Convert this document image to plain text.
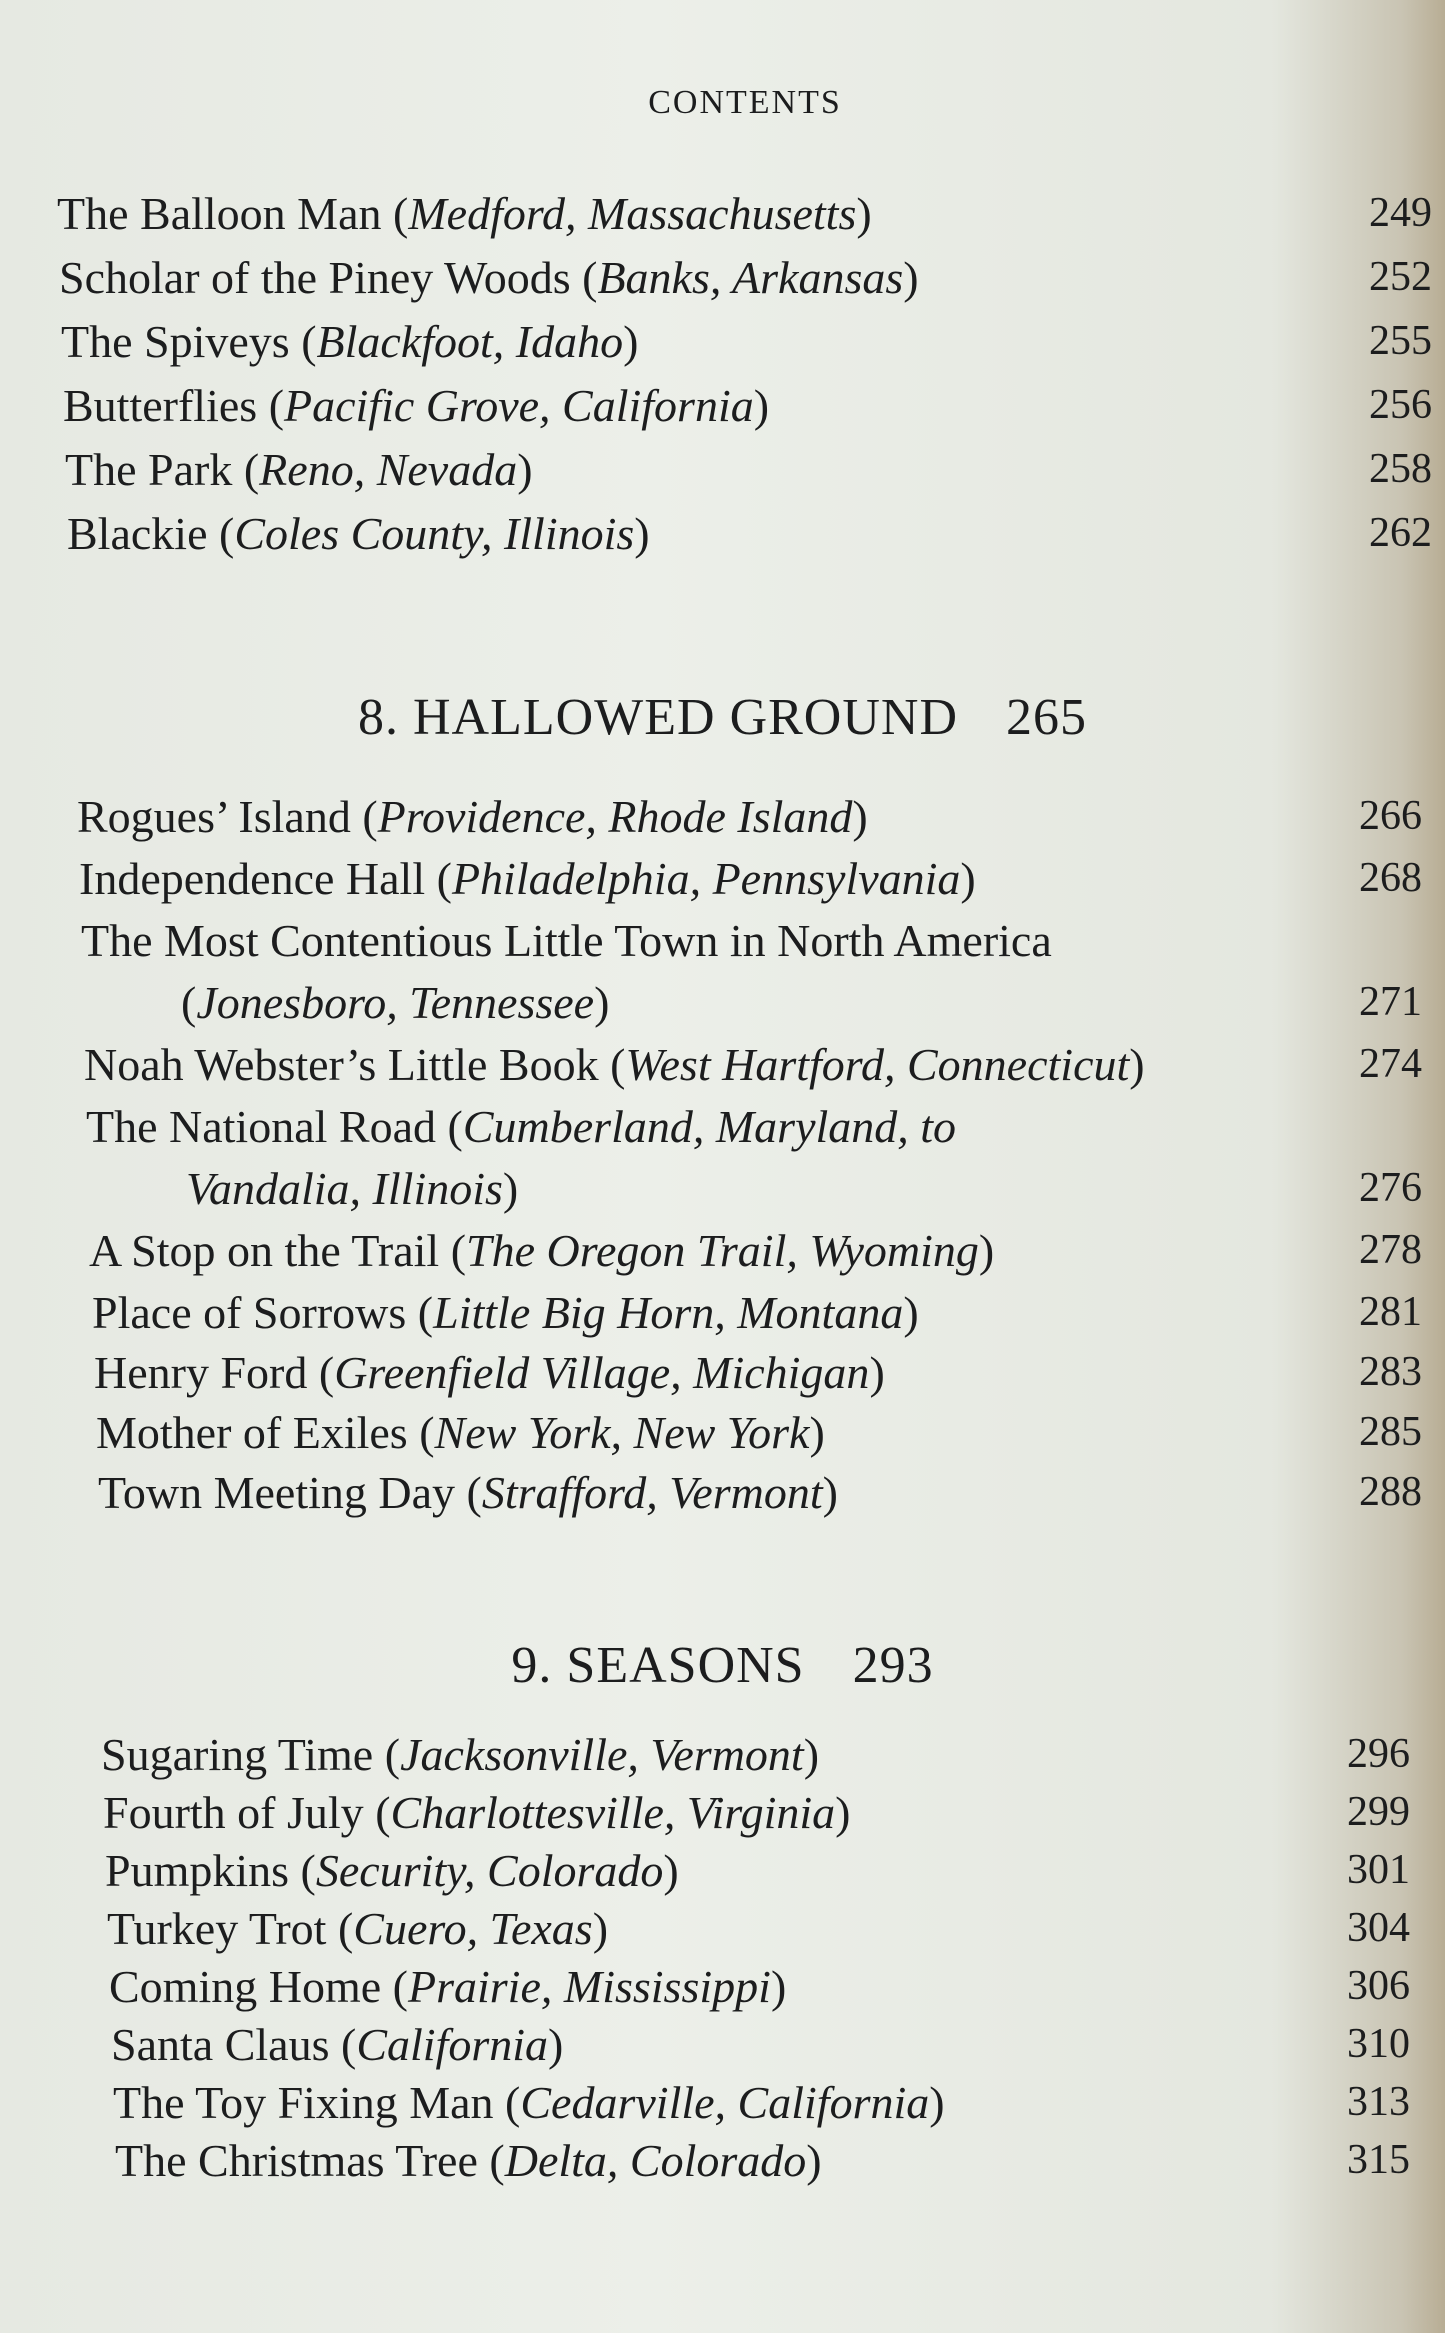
CONTENTS
The Balloon Man (Medford, Massachusetts)	249
Scholar of the Piney Woods (Banks, Arkansas)	252
The Spiveys (Blackfoot, Idaho)	255
Butterflies (Pacific Grove, California)	256
The Park (Reno, Nevada)	258
Blackie (Coles County, Illinois)	262
8. HALLOWED GROUND 265
Rogues’ Island (Providence, Rhode Island)	266
Independence Hall (Philadelphia, Pennsylvania)	268
The Most Contentious Little Town in North America
(Jonesboro, Tennessee)	271
Noah Webster’s Little Book (West Hartford, Connecticut)	274
The National Road (Cumberland, Maryland, to
Vandalia, Illinois)	276
A Stop on the Trail (The Oregon Trail, Wyoming)	278
Place of Sorrows (Little Big Horn, Montana)	281
Henry Ford (Greenfield Village, Michigan)	283
Mother of Exiles (New York, New York)	285
Town Meeting Day (Strafford, Vermont)	288
9. SEASONS 293
Sugaring Time (Jacksonville, Vermont)	296
Fourth of July (Charlottesville, Virginia)	299
Pumpkins (Security, Colorado)	301
Turkey Trot (Cuero, Texas)	304
Coming Home (Prairie, Mississippi)	306
Santa Claus (California)	310
The Toy Fixing Man (Cedarville, California)	313
The Christmas Tree (Delta, Colorado)	315
